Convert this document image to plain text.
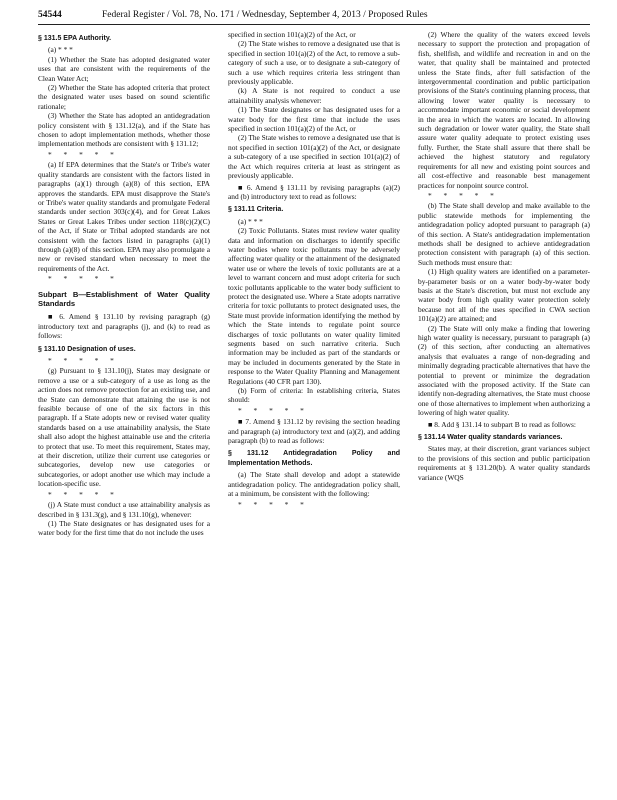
54544	Federal Register / Vol. 78, No. 171 / Wednesday, September 4, 2013 / Proposed Rules

§ 131.5 EPA Authority.

(a) * * *

(1) Whether the State has adopted designated water uses that are consistent with the requirements of the Clean Water Act;

(2) Whether the State has adopted criteria that protect the designated water uses based on sound scientific rationale;

(3) Whether the State has adopted an antidegradation policy consistent with § 131.12(a), and if the State has chosen to adopt implementation methods, whether those implementation methods are consistent with § 131.12;

* * * * *

(a) If EPA determines that the State's or Tribe's water quality standards are consistent with the factors listed in paragraphs (a)(1) through (a)(8) of this section, EPA approves the standards. EPA must disapprove the State's or Tribe's water quality standards and promulgate Federal standards under section 303(c)(4), and for Great Lakes States or Great Lakes Tribes under section 118(c)(2)(C) of the Act, if State or Tribal adopted standards are not consistent with the factors listed in paragraphs (a)(1) through (a)(8) of this section. EPA may also promulgate a new or revised standard when necessary to meet the requirements of the Act.

* * * * *

Subpart B—Establishment of Water Quality Standards

■ 6. Amend § 131.10 by revising paragraph (g) introductory text and paragraphs (j), and (k) to read as follows:

§ 131.10 Designation of uses.

* * * * *

(g) Pursuant to § 131.10(j), States may designate or remove a use or a sub-category of a use as long as the action does not remove protection for an existing use, and the State can demonstrate that attaining the use is not feasible because of one of the six factors in this paragraph. If a State adopts new or revised water quality standards based on a use attainability analysis, the State shall also adopt the highest attainable use and the criteria to protect that use. To meet this requirement, States may, at their discretion, utilize their current use categories or subcategories, develop new use categories or subcategories, or adopt another use which may include a location-specific use.

* * * * *

(j) A State must conduct a use attainability analysis as described in § 131.3(g), and § 131.10(g), whenever:

(1) The State designates or has designated uses for a water body for the first time that do not include the uses

specified in section 101(a)(2) of the Act, or

(2) The State wishes to remove a designated use that is specified in section 101(a)(2) of the Act, to remove a sub-category of such a use, or to designate a sub-category of such a use which requires criteria less stringent than previously applicable.

(k) A State is not required to conduct a use attainability analysis whenever:

(1) The State designates or has designated uses for a water body for the first time that include the uses specified in section 101(a)(2) of the Act, or

(2) The State wishes to remove a designated use that is not specified in section 101(a)(2) of the Act, or designate a sub-category of a use specified in section 101(a)(2) of the Act which requires criteria at least as stringent as previously applicable.

■ 6. Amend § 131.11 by revising paragraphs (a)(2) and (b) introductory text to read as follows:

§ 131.11 Criteria.

(a) * * *

(2) Toxic Pollutants. States must review water quality data and information on discharges to identify specific water bodies where toxic pollutants may be adversely affecting water quality or the attainment of the designated water use or where the levels of toxic pollutants are at a level to warrant concern and must adopt criteria for such toxic pollutants applicable to the water body sufficient to protect the designated use. Where a State adopts narrative criteria for toxic pollutants to protect designated uses, the State must provide information identifying the method by which the State intends to regulate point source discharges of toxic pollutants on water quality limited segments based on such narrative criteria. Such information may be included as part of the standards or may be included in documents generated by the State in response to the Water Quality Planning and Management Regulations (40 CFR part 130).

(b) Form of criteria: In establishing criteria, States should:

* * * * *

■ 7. Amend § 131.12 by revising the section heading and paragraph (a) introductory text and (a)(2), and adding paragraph (b) to read as follows:

§ 131.12 Antidegradation Policy and Implementation Methods.

(a) The State shall develop and adopt a statewide antidegradation policy. The antidegradation policy shall, at a minimum, be consistent with the following:

* * * * *

(2) Where the quality of the waters exceed levels necessary to support the protection and propagation of fish, shellfish, and wildlife and recreation in and on the water, that quality shall be maintained and protected unless the State finds, after full satisfaction of the intergovernmental coordination and public participation provisions of the State's continuing planning process, that allowing lower water quality is necessary to accommodate important economic or social development in the area in which the waters are located. In allowing such degradation or lower water quality, the State shall assure water quality adequate to protect existing uses fully. Further, the State shall assure that there shall be achieved the highest statutory and regulatory requirements for all new and existing point sources and all cost-effective and reasonable best management practices for nonpoint source control.

* * * * *

(b) The State shall develop and make available to the public statewide methods for implementing the antidegradation policy adopted pursuant to paragraph (a) of this section. A State's antidegradation implementation methods shall be designed to achieve antidegradation protection consistent with paragraph (a) of this section. Such methods must ensure that:

(1) High quality waters are identified on a parameter-by-parameter basis or on a water body-by-water body basis at the State's discretion, but must not exclude any water body from high quality water protection solely because not all of the uses specified in CWA section 101(a)(2) are attained; and

(2) The State will only make a finding that lowering high water quality is necessary, pursuant to paragraph (a)(2) of this section, after conducting an alternatives analysis that evaluates a range of non-degrading and minimally degrading practicable alternatives that have the potential to prevent or minimize the degradation associated with the proposed activity. If the State can identify non-degrading alternatives, the State must choose one of those alternatives to implement when authorizing a lowering of high water quality.

■ 8. Add § 131.14 to subpart B to read as follows:

§ 131.14 Water quality standards variances.

States may, at their discretion, grant variances subject to the provisions of this section and public participation requirements at § 131.20(b). A water quality standards variance (WQS
